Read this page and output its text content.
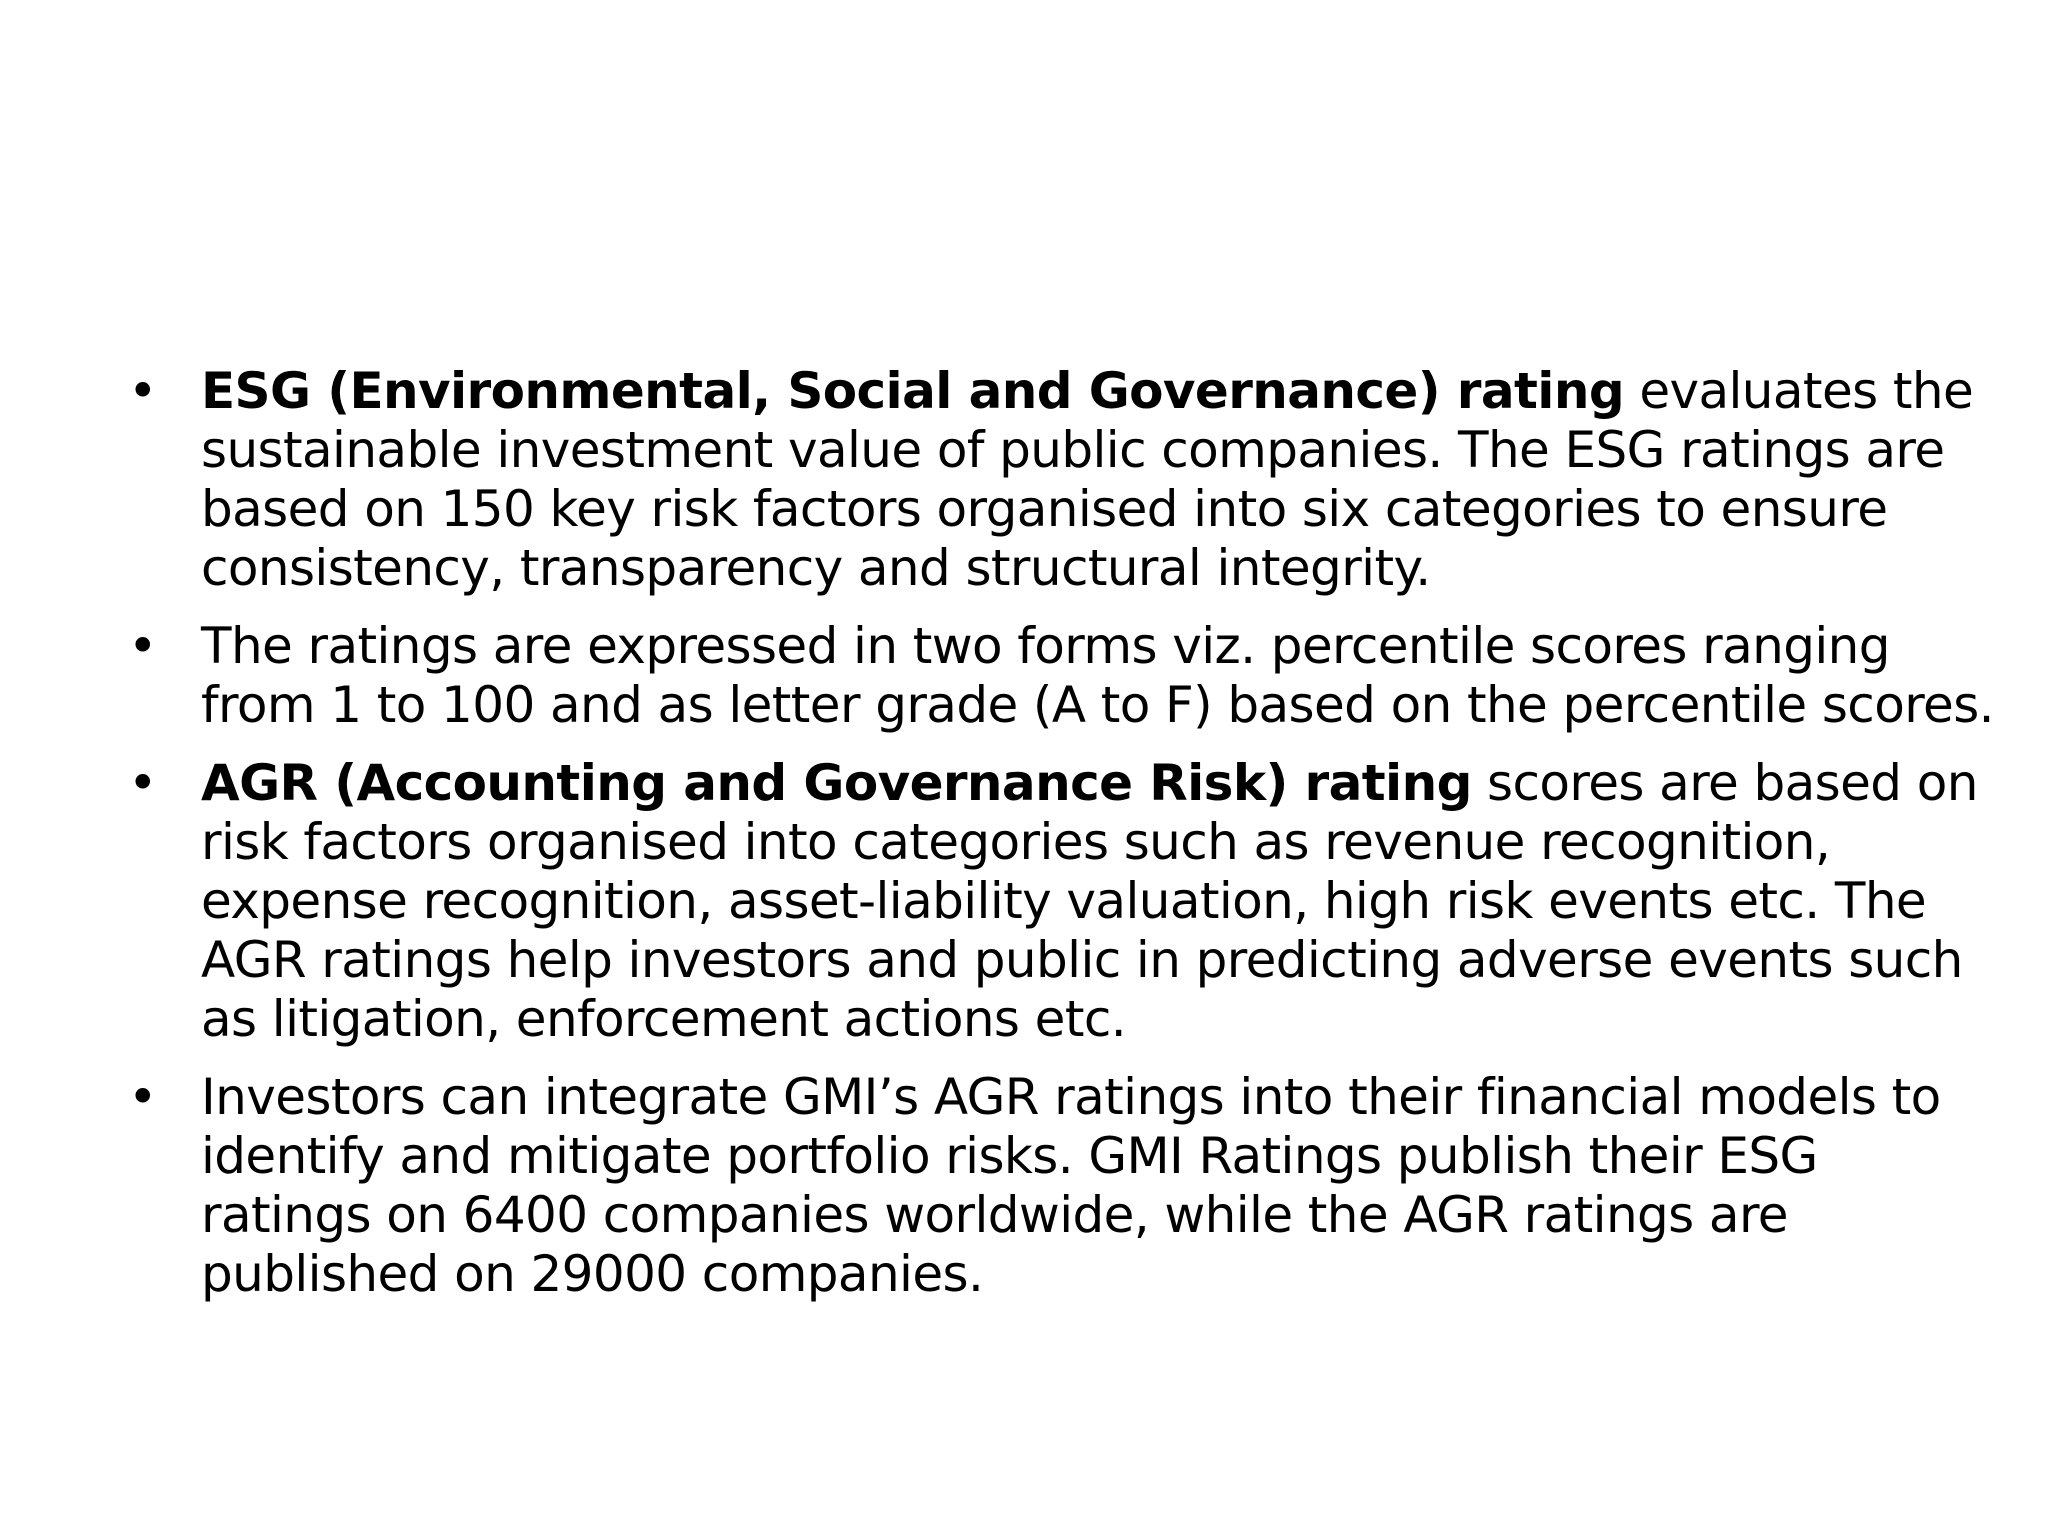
•
ESG (Environmental, Social and Governance) rating evaluates the sustainable investment value of public companies. The ESG ratings are based on 150 key risk factors organised into six categories to ensure consistency, transparency and structural integrity.
•
The ratings are expressed in two forms viz. percentile scores ranging from 1 to 100 and as letter grade (A to F) based on the percentile scores.
•
AGR (Accounting and Governance Risk) rating scores are based on risk factors organised into categories such as revenue recognition, expense recognition, asset-liability valuation, high risk events etc. The AGR ratings help investors and public in predicting adverse events such as litigation, enforcement actions etc.
•
Investors can integrate GMI’s AGR ratings into their financial models to identify and mitigate portfolio risks. GMI Ratings publish their ESG ratings on 6400 companies worldwide, while the AGR ratings are published on 29000 companies.
